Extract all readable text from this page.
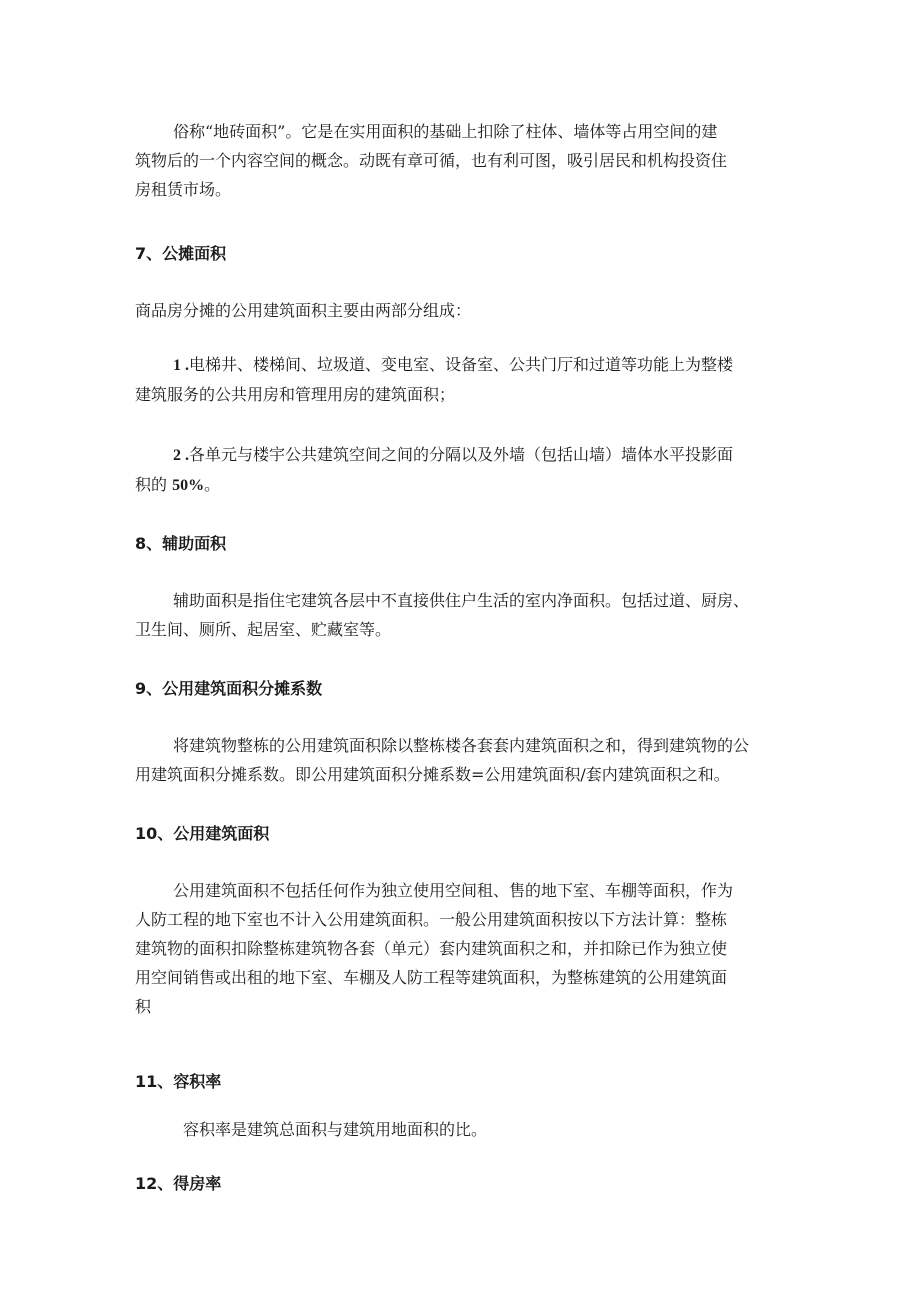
俗称“地砖面积”。它是在实用面积的基础上扣除了柱体、墙体等占用空间的建
筑物后的一个内容空间的概念。动既有章可循，也有利可图，吸引居民和机构投资住
房租赁市场。
7、公摊面积
商品房分摊的公用建筑面积主要由两部分组成：
1 .电梯井、楼梯间、垃圾道、变电室、设备室、公共门厅和过道等功能上为整楼
建筑服务的公共用房和管理用房的建筑面积；
2 .各单元与楼宇公共建筑空间之间的分隔以及外墙（包括山墙）墙体水平投影面
积的 50%。
8、辅助面积
辅助面积是指住宅建筑各层中不直接供住户生活的室内净面积。包括过道、厨房、
卫生间、厕所、起居室、贮藏室等。
9、公用建筑面积分摊系数
将建筑物整栋的公用建筑面积除以整栋楼各套套内建筑面积之和，得到建筑物的公
用建筑面积分摊系数。即公用建筑面积分摊系数=公用建筑面积/套内建筑面积之和。
10、公用建筑面积
公用建筑面积不包括任何作为独立使用空间租、售的地下室、车棚等面积，作为
人防工程的地下室也不计入公用建筑面积。一般公用建筑面积按以下方法计算：整栋
建筑物的面积扣除整栋建筑物各套（单元）套内建筑面积之和，并扣除已作为独立使
用空间销售或出租的地下室、车棚及人防工程等建筑面积，为整栋建筑的公用建筑面
积
11、容积率
容积率是建筑总面积与建筑用地面积的比。
12、得房率
